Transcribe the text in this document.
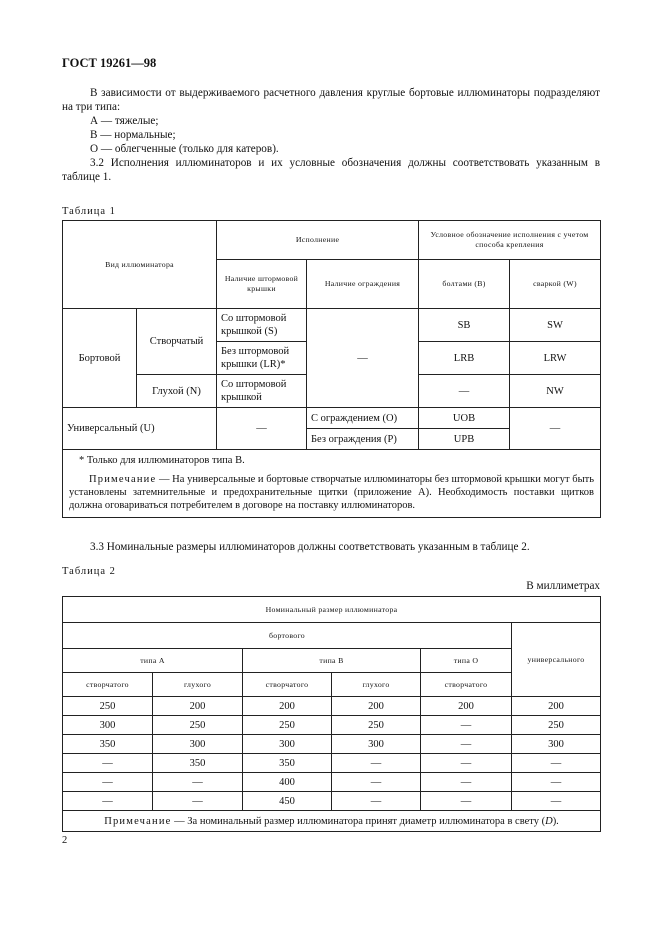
ГОСТ 19261—98
В зависимости от выдерживаемого расчетного давления круглые бортовые иллюминаторы подразделяют на три типа:
А — тяжелые;
В — нормальные;
О — облегченные (только для катеров).
3.2 Исполнения иллюминаторов и их условные обозначения должны соответствовать указанным в таблице 1.
Таблица 1
Вид иллюминатора		Исполнение		Условное обозначение исполнения с учетом способа крепления	
		Наличие штормовой крышки	Наличие ограждения	болтами (В)	сваркой (W)
Бортовой	Створчатый	Со штормовой крышкой (S)	—	SB	SW
		Без штормовой крышки (LR)*		LRB	LRW
	Глухой (N)	Со штормовой крышкой		—	NW
Универсальный (U)		—	С ограждением (О)	UOB	—
			Без ограждения (Р)	UPB	

* Только для иллюминаторов типа В.
Примечание — На универсальные и бортовые створчатые иллюминаторы без штормовой крышки могут быть установлены затемнительные и предохранительные щитки (приложение А). Необходимость поставки щитков должна оговариваться потребителем в договоре на поставку иллюминаторов.					
3.3 Номинальные размеры иллюминаторов должны соответствовать указанным в таблице 2.
Таблица 2
В миллиметрах
Номинальный размер иллюминатора					
бортового					универсального
типа А		типа В		типа О	
створчатого	глухого	створчатого	глухого	створчатого	
250	200	200	200	200	200
300	250	250	250	—	250
350	300	300	300	—	300
—	350	350	—	—	—
—	—	400	—	—	—
—	—	450	—	—	—
Примечание — За номинальный размер иллюминатора принят диаметр иллюминатора в свету (D).					
2
